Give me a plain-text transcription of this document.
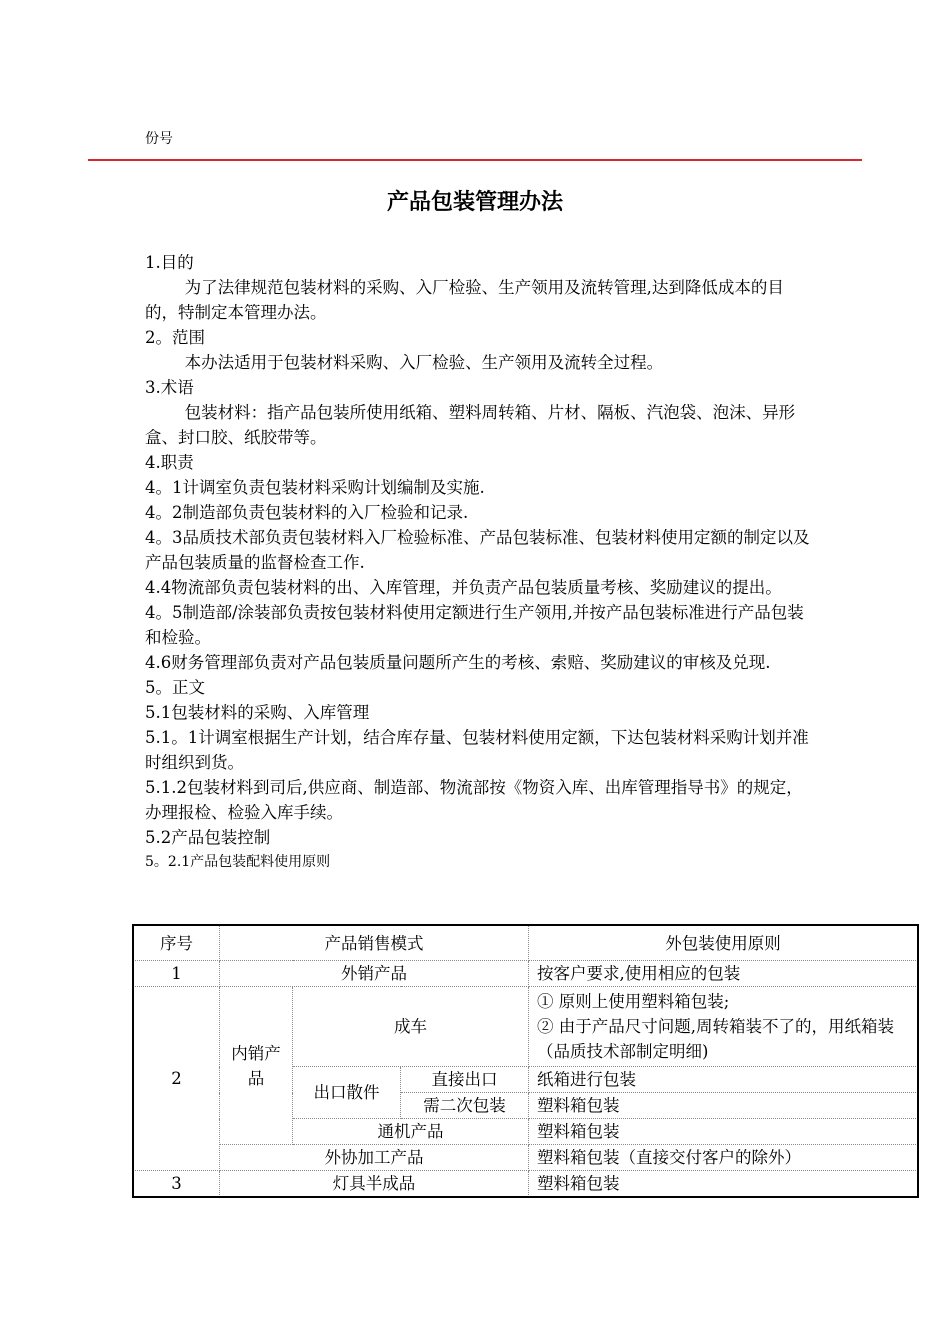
份号
产品包装管理办法

1.目的

为了法律规范包装材料的采购、入厂检验、生产领用及流转管理,达到降低成本的目的，特制定本管理办法。

2。范围

本办法适用于包装材料采购、入厂检验、生产领用及流转全过程。

3.术语

包装材料：指产品包装所使用纸箱、塑料周转箱、片材、隔板、汽泡袋、泡沫、异形盒、封口胶、纸胶带等。

4.职责

4。1计调室负责包装材料采购计划编制及实施.

4。2制造部负责包装材料的入厂检验和记录.

4。3品质技术部负责包装材料入厂检验标准、产品包装标准、包装材料使用定额的制定以及产品包装质量的监督检查工作.

4.4物流部负责包装材料的出、入库管理，并负责产品包装质量考核、奖励建议的提出。

4。5制造部/涂装部负责按包装材料使用定额进行生产领用,并按产品包装标准进行产品包装和检验。

4.6财务管理部负责对产品包装质量问题所产生的考核、索赔、奖励建议的审核及兑现.

5。正文

5.1包装材料的采购、入库管理

5.1。1计调室根据生产计划，结合库存量、包装材料使用定额，下达包装材料采购计划并准时组织到货。

5.1.2包装材料到司后,供应商、制造部、物流部按《物资入库、出库管理指导书》的规定，办理报检、检验入库手续。

5.2产品包装控制

5。2.1产品包装配料使用原则

序号	产品销售模式			外包装使用原则
1	外销产品			按客户要求,使用相应的包装
2	内销产品	成车		① 原则上使用塑料箱包装;
② 由于产品尺寸问题,周转箱装不了的，用纸箱装（品质技术部制定明细)

		出口散件	直接出口	纸箱进行包装
			需二次包装	塑料箱包装
		通机产品		塑料箱包装
	外协加工产品			塑料箱包装（直接交付客户的除外）
3	灯具半成品			塑料箱包装
